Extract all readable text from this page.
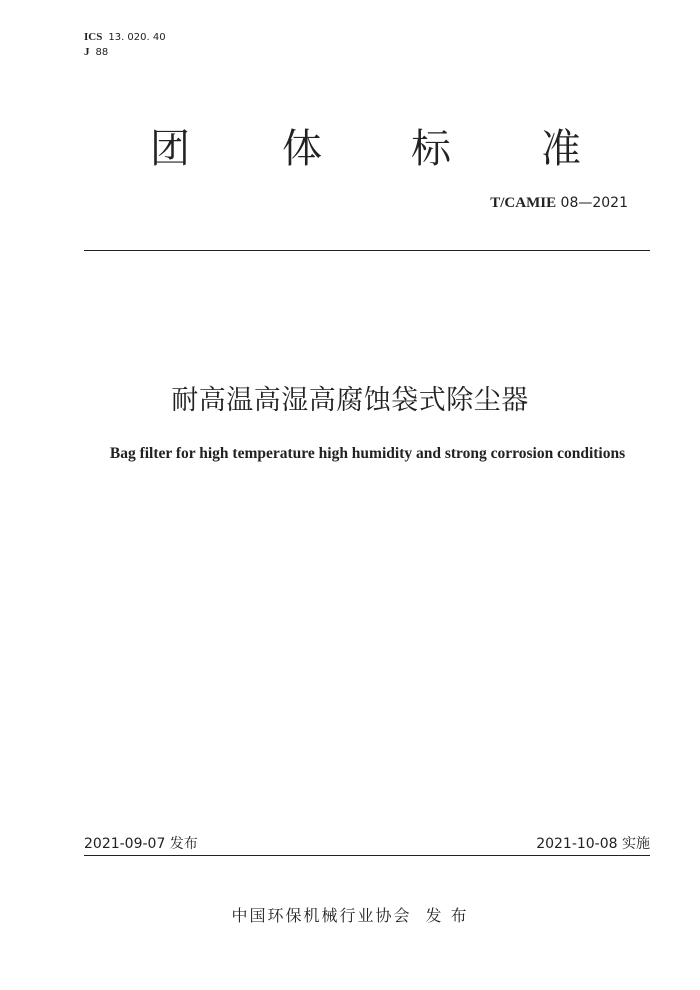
ICS 13. 020. 40
J 88
团 体 标 准
T/CAMIE 08—2021
耐高温高湿高腐蚀袋式除尘器
Bag filter for high temperature high humidity and strong corrosion conditions
2021-09-07 发布	2021-10-08 实施
中国环保机械行业协会 发 布
